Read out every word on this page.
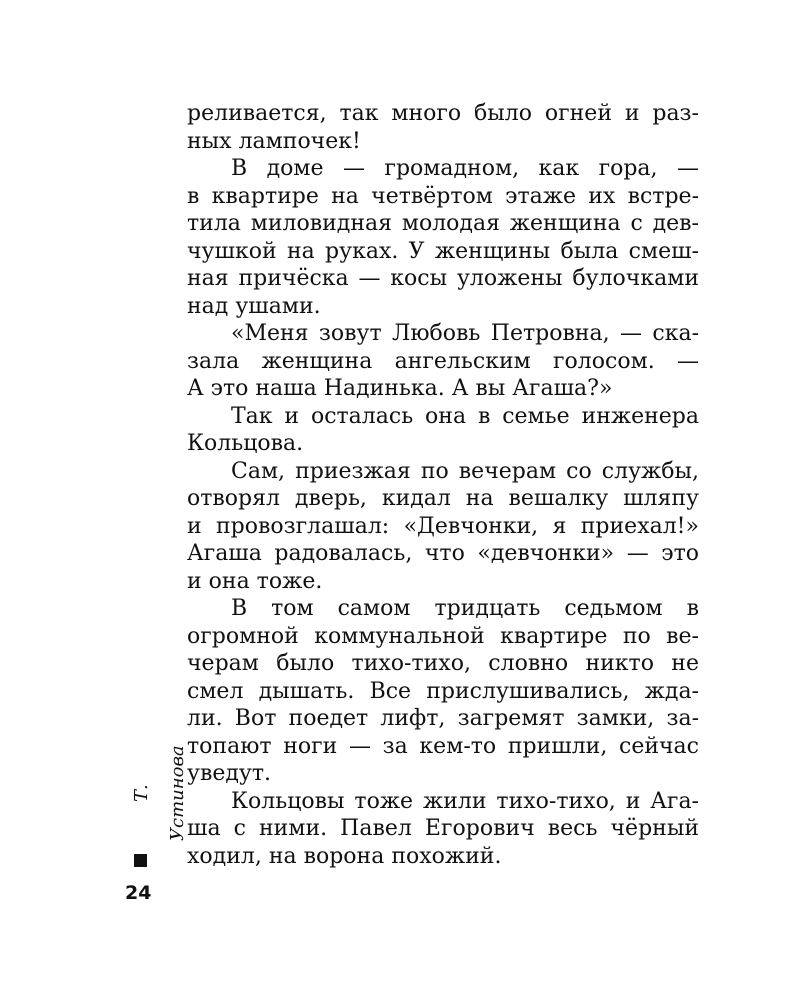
реливается, так много было огней и раз-
ных лампочек!
В доме — громадном, как гора, —
в квартире на четвёртом этаже их встре-
тила миловидная молодая женщина с дев-
чушкой на руках. У женщины была смеш-
ная причёска — косы уложены булочками
над ушами.
«Меня зовут Любовь Петровна, — ска-
зала женщина ангельским голосом. —
А это наша Надинька. А вы Агаша?»
Так и осталась она в семье инженера
Кольцова.
Сам, приезжая по вечерам со службы,
отворял дверь, кидал на вешалку шляпу
и провозглашал: «Девчонки, я приехал!»
Агаша радовалась, что «девчонки» — это
и она тоже.
В том самом тридцать седьмом в
огромной коммунальной квартире по ве-
черам было тихо-тихо, словно никто не
смел дышать. Все прислушивались, жда-
ли. Вот поедет лифт, загремят замки, за-
топают ноги — за кем-то пришли, сейчас
уведут.
Кольцовы тоже жили тихо-тихо, и Ага-
ша с ними. Павел Егорович весь чёрный
ходил, на ворона похожий.
Т. Устинова
24
